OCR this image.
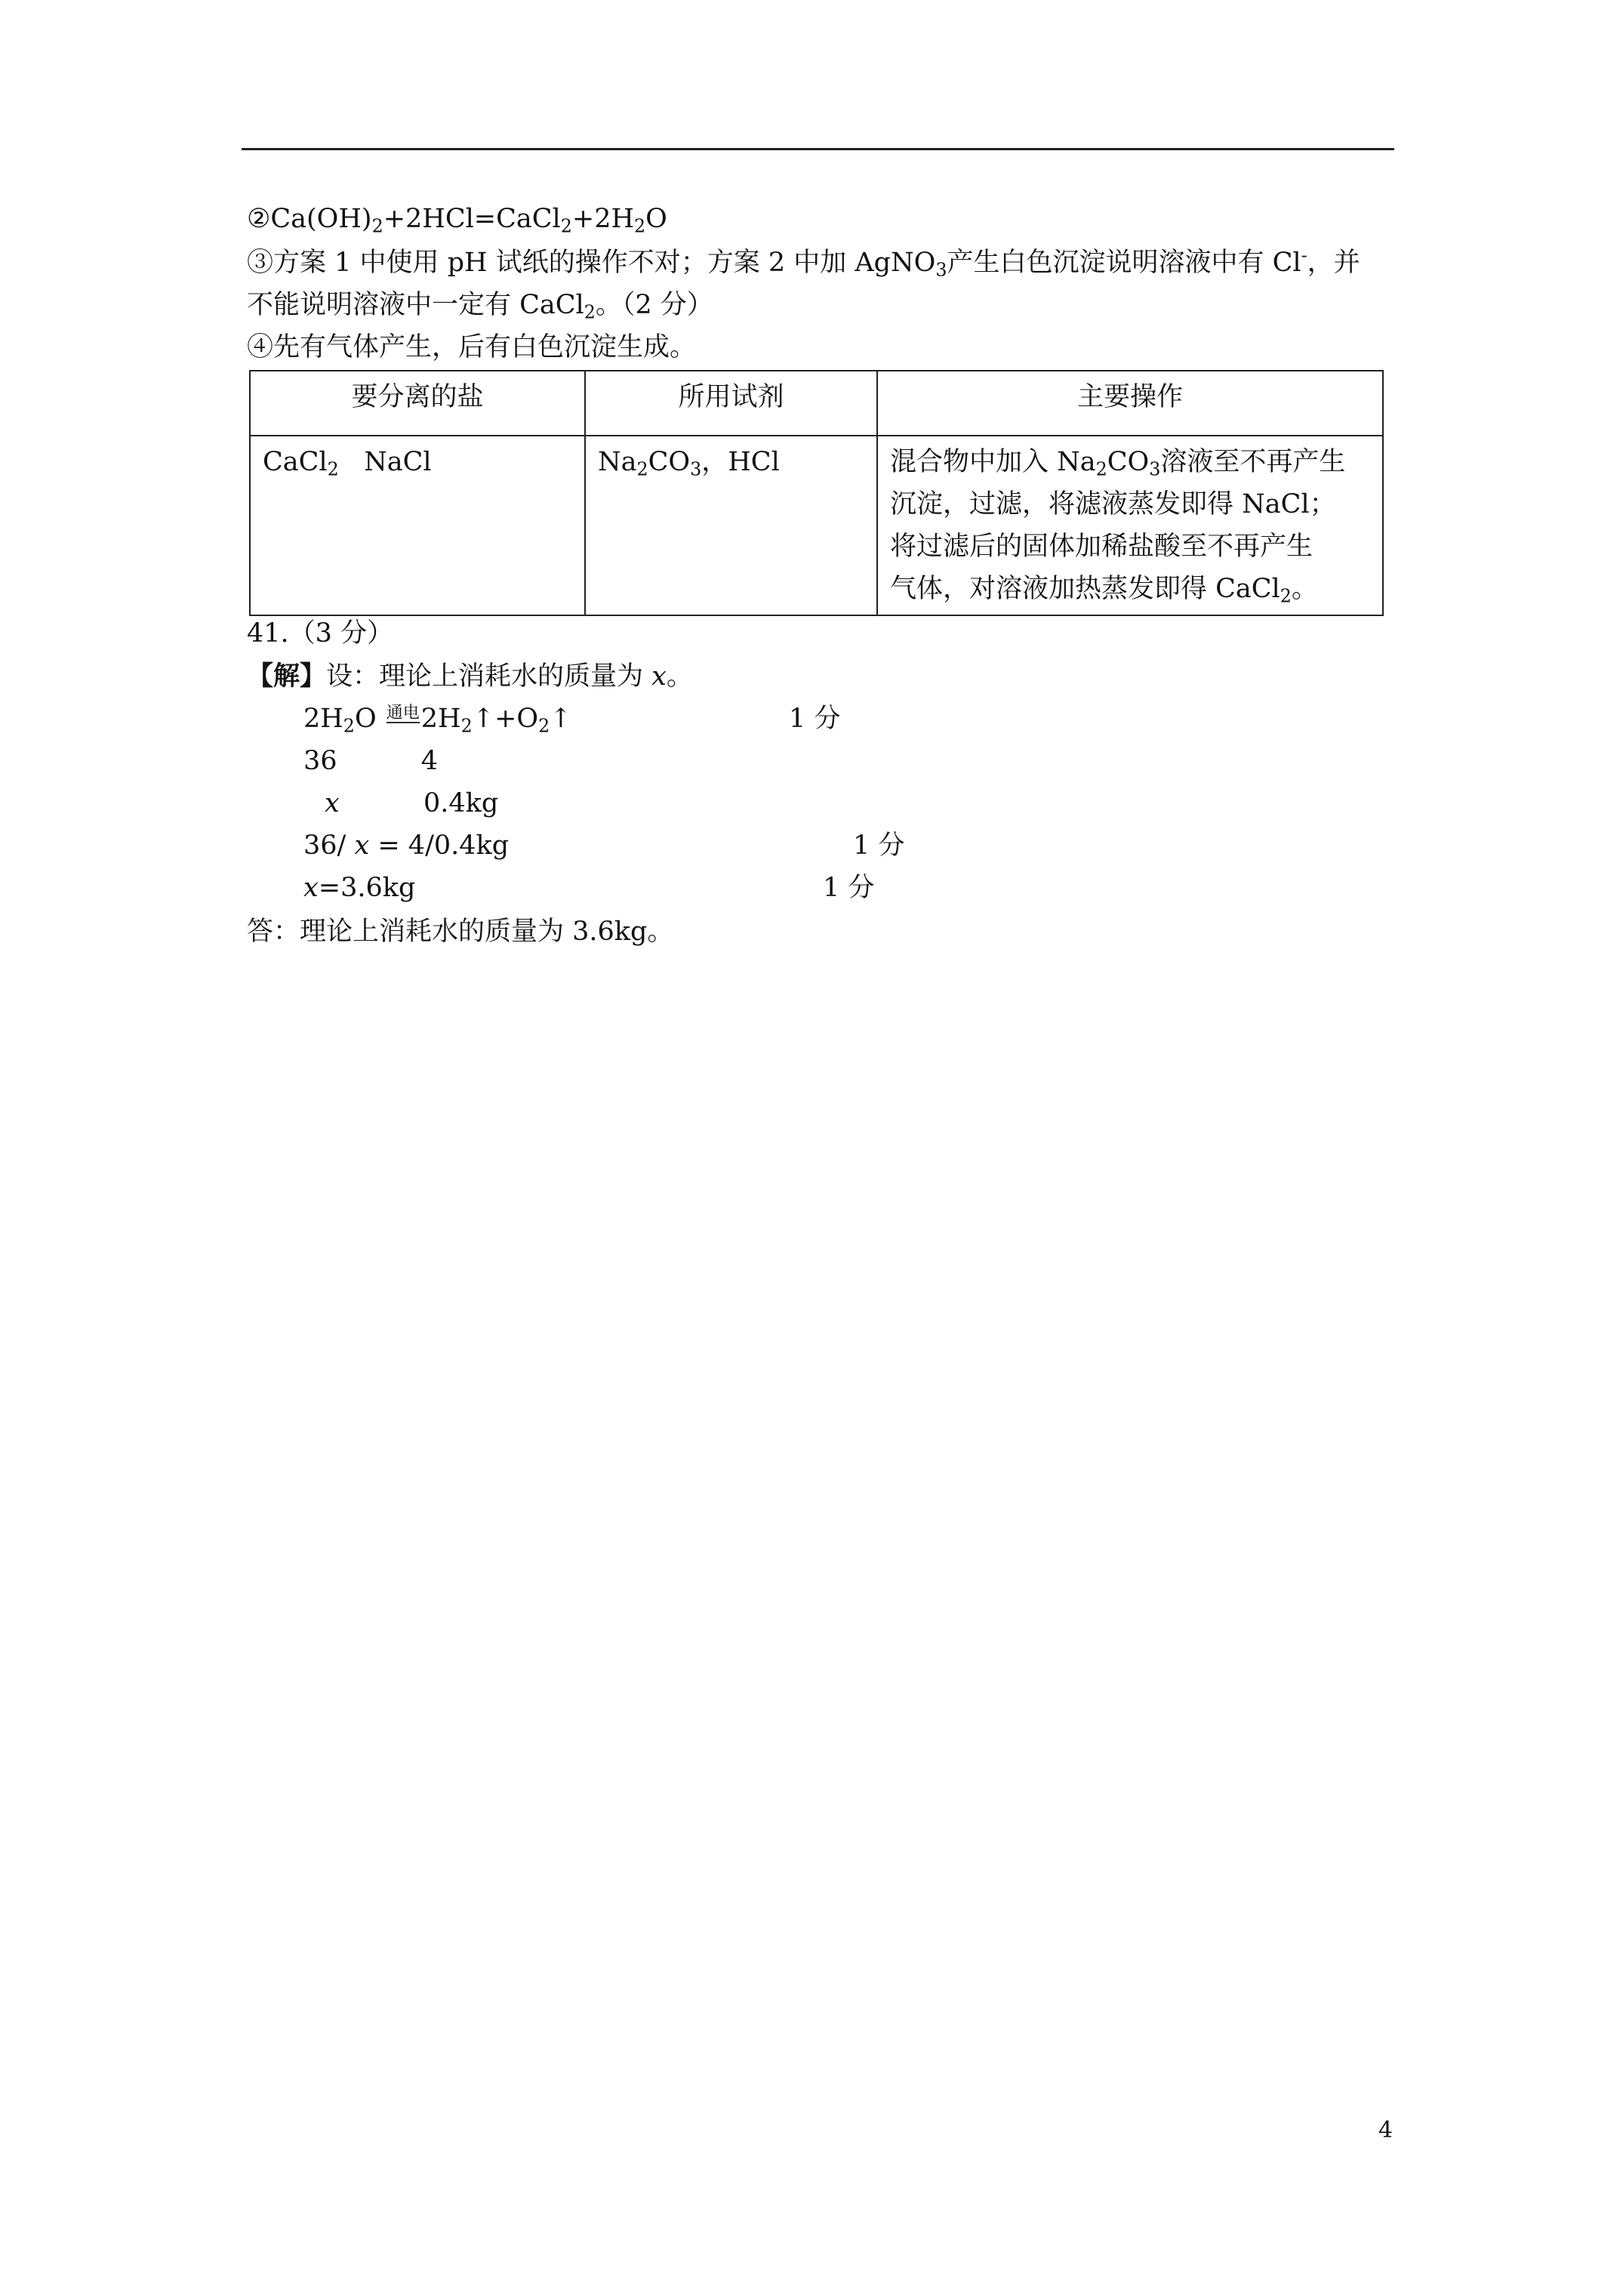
$②Ca(OH)_2+2HCl=CaCl_2+2H_2O$
③方案 1 中使用 pH 试纸的操作不对；方案 2 中加 AgNO$_3$产生白色沉淀说明溶液中有 Cl-，并
不能说明溶液中一定有 CaCl$_2$。（2 分）
④先有气体产生，后有白色沉淀生成。
要分离的盐	所用试剂	主要操作
CaCl$_2$   NaCl	$Na_2CO_3$，HCl	混合物中加入 $Na_2CO_3$溶液至不再产生
沉淀，过滤，将滤液蒸发即得 NaCl；
将过滤后的固体加稀盐酸至不再产生
气体，对溶液加热蒸发即得 CaCl$_2$。
41.（3 分）
【解】设：理论上消耗水的质量为 x。
$2H_2O$ 通电$2H_2↑+O_2↑$	1 分
36          4
x          0.4kg
36/ x = 4/0.4kg	1 分
x=3.6kg	1 分
答：理论上消耗水的质量为 3.6kg。
4
